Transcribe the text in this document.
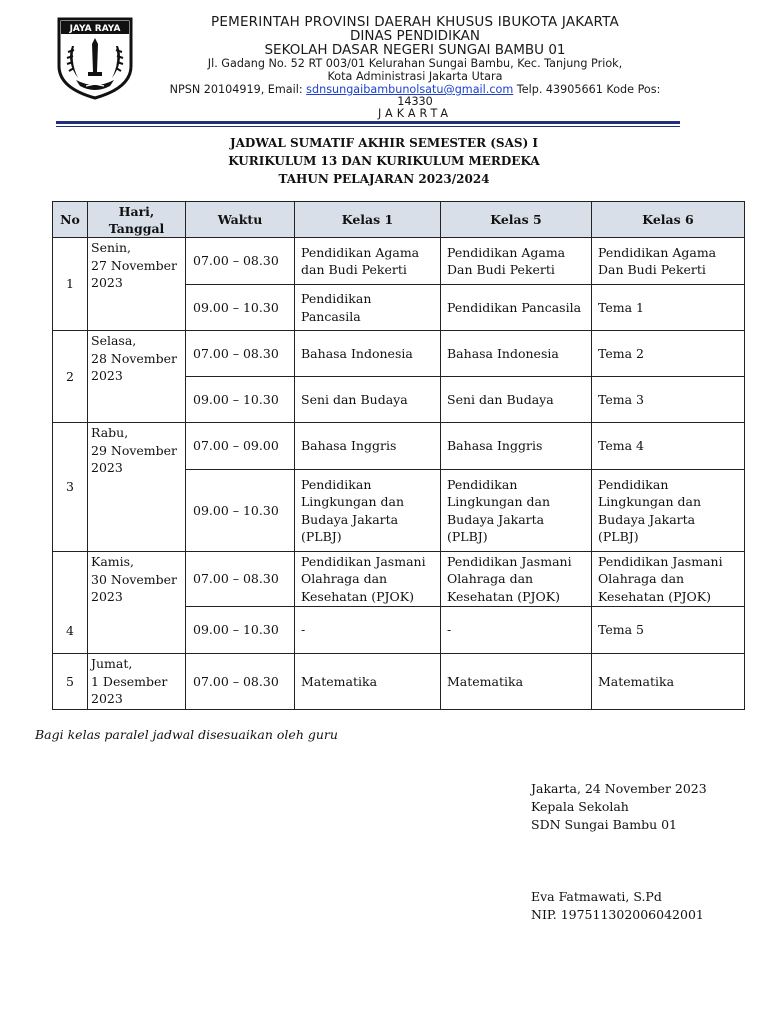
JAYA RAYA	PEMERINTAH PROVINSI DAERAH KHUSUS IBUKOTA JAKARTA
DINAS PENDIDIKAN
SEKOLAH DASAR NEGERI SUNGAI BAMBU 01
Jl. Gadang No. 52 RT 003/01 Kelurahan Sungai Bambu, Kec. Tanjung Priok,
Kota Administrasi Jakarta Utara
NPSN 20104919, Email: sdnsungaibambunolsatu@gmail.com Telp. 43905661 Kode Pos:
14330
JAKARTA
JADWAL SUMATIF AKHIR SEMESTER (SAS) I
KURIKULUM 13 DAN KURIKULUM MERDEKA
TAHUN PELAJARAN 2023/2024
No	Hari,
Tanggal	Waktu	Kelas 1	Kelas 5	Kelas 6
1	Senin,
27 November
2023	07.00 – 08.30	Pendidikan Agama dan Budi Pekerti	Pendidikan Agama Dan Budi Pekerti	Pendidikan Agama Dan Budi Pekerti
		09.00 – 10.30	Pendidikan Pancasila	Pendidikan Pancasila	Tema 1
2	Selasa,
28 November
2023	07.00 – 08.30	Bahasa Indonesia	Bahasa Indonesia	Tema 2
		09.00 – 10.30	Seni dan Budaya	Seni dan Budaya	Tema 3
3	Rabu,
29 November
2023	07.00 – 09.00	Bahasa Inggris	Bahasa Inggris	Tema 4
		09.00 – 10.30	Pendidikan Lingkungan dan Budaya Jakarta (PLBJ)	Pendidikan Lingkungan dan Budaya Jakarta (PLBJ)	Pendidikan Lingkungan dan Budaya Jakarta (PLBJ)
4	Kamis,
30 November
2023	07.00 – 08.30	Pendidikan Jasmani Olahraga dan Kesehatan (PJOK)	Pendidikan Jasmani Olahraga dan Kesehatan (PJOK)	Pendidikan Jasmani Olahraga dan Kesehatan (PJOK)
		09.00 – 10.30	-	-	Tema 5
5	Jumat,
1 Desember
2023	07.00 – 08.30	Matematika	Matematika	Matematika
Bagi kelas paralel jadwal disesuaikan oleh guru
Jakarta, 24 November 2023
Kepala Sekolah
SDN Sungai Bambu 01
Eva Fatmawati, S.Pd
NIP. 197511302006042001
